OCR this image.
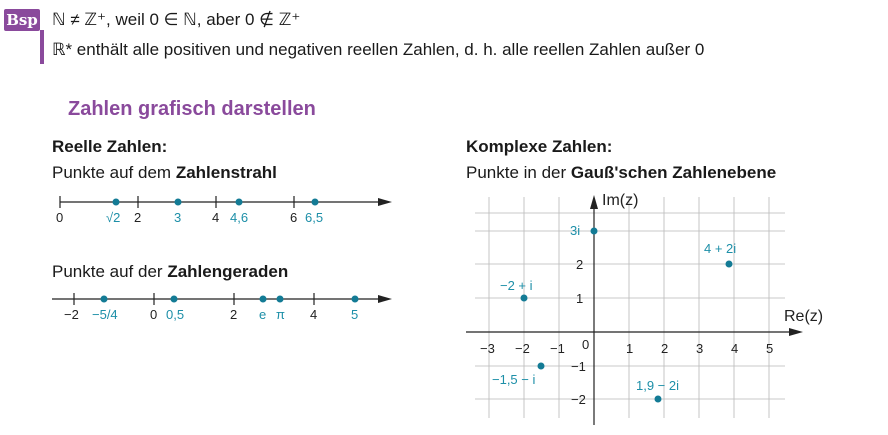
Bsp ℕ ≠ ℤ⁺, weil 0 ∈ ℕ, aber 0 ∉ ℤ⁺
ℝ* enthält alle positiven und negativen reellen Zahlen, d. h. alle reellen Zahlen außer 0
Zahlen grafisch darstellen
Reelle Zahlen:
Punkte auf dem Zahlenstrahl
0	2	4	6
√2	3	4,6	6,5
−2	0	2	4
−5/4	0,5	e π	5
Punkte auf der Zahlengeraden
Komplexe Zahlen:
Punkte in der Gauß'schen Zahlenebene
Im(z)
Re(z)
−3 −2 −1 0	1 2 3 4 5
2
1
−1
−2
3i
4 + 2i
−2 + i
−1,5 − i	1,9 − 2i
